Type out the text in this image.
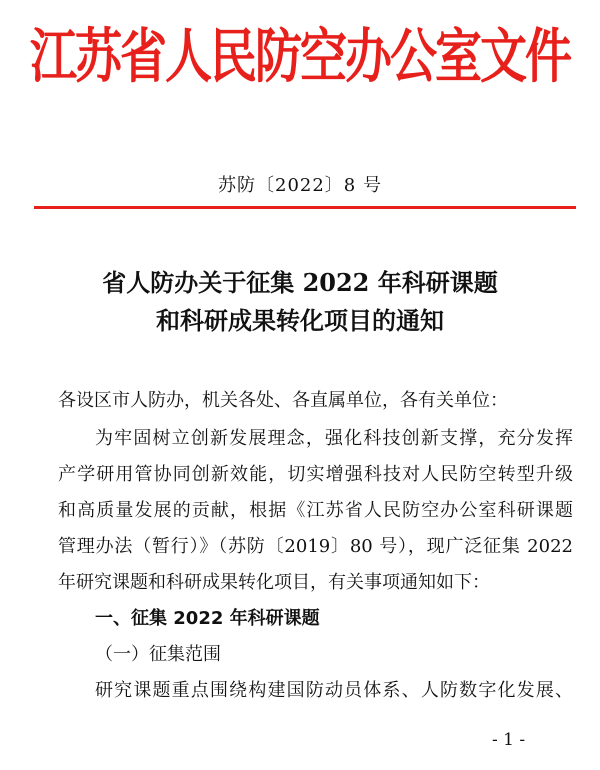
江苏省人民防空办公室文件
苏防〔2022〕8 号
省人防办关于征集 2022 年科研课题
和科研成果转化项目的通知
各设区市人防办，机关各处、各直属单位，各有关单位：
为牢固树立创新发展理念，强化科技创新支撑，充分发挥
产学研用管协同创新效能，切实增强科技对人民防空转型升级
和高质量发展的贡献，根据《江苏省人民防空办公室科研课题
管理办法（暂行）》（苏防〔2019〕80 号），现广泛征集 2022
年研究课题和科研成果转化项目，有关事项通知如下：
一、征集 2022 年科研课题
（一）征集范围
研究课题重点围绕构建国防动员体系、人防数字化发展、
- 1 -
